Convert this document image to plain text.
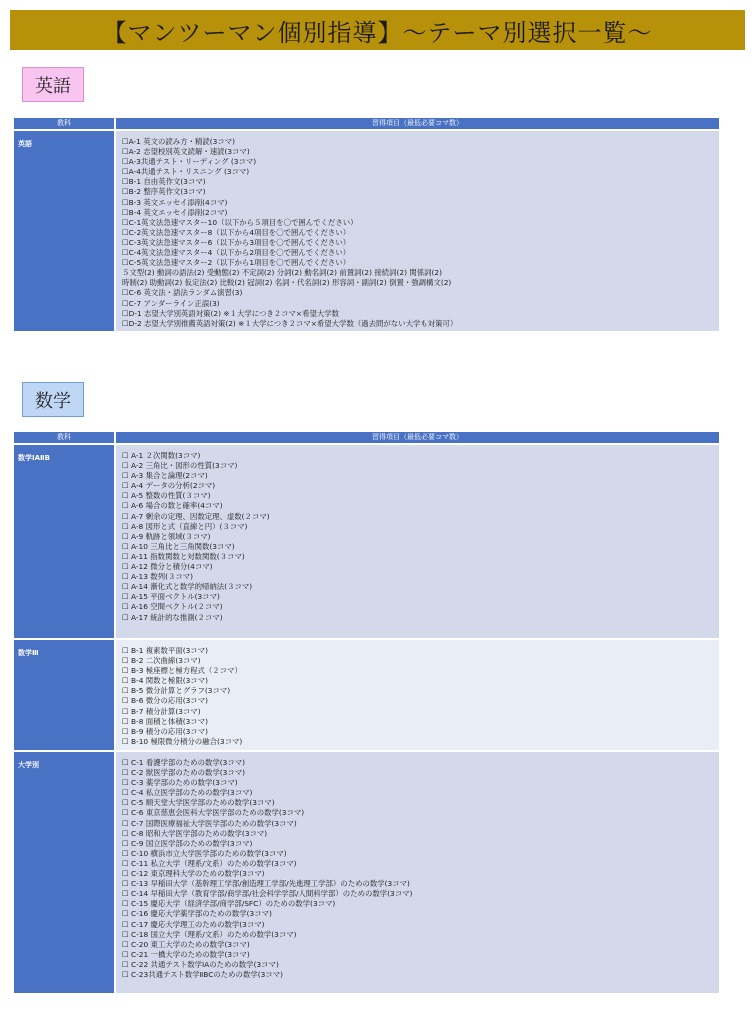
【マンツーマン個別指導】〜テーマ別選択一覧〜
英語
教科	習得項目（最低必要コマ数）
英語	☐A-1 英文の読み方・精読(3コマ)
☐A-2 志望校別英文読解・速読(3コマ)
☐A-3共通テスト・リーディング (3コマ)
☐A-4共通テスト・リスニング (3コマ)
☐B-1 自由英作文(3コマ)
☐B-2 整序英作文(3コマ)
☐B-3 英文エッセイ添削(4コマ)
☐B-4 英文エッセイ添削(2コマ)
☐C-1英文法急速マスター10（以下から５項目を〇で囲んでください）
☐C-2英文法急速マスター8（以下から4項目を〇で囲んでください）
☐C-3英文法急速マスター6（以下から3項目を〇で囲んでください）
☐C-4英文法急速マスター4（以下から2項目を〇で囲んでください）
☐C-5英文法急速マスター2（以下から1項目を〇で囲んでください）
５文型(2) 動詞の語法(2) 受動態(2) 不定詞(2) 分詞(2) 動名詞(2) 前置詞(2) 接続詞(2) 関係詞(2)
時制(2) 助動詞(2) 仮定法(2) 比較(2) 冠詞(2) 名詞・代名詞(2) 形容詞・副詞(2) 倒置・強調構文(2)
☐C-6 英文法・語法ランダム演習(3)
☐C-7 アンダーライン正誤(3)
☐D-1 志望大学別英語対策(2) ※１大学につき２コマ×希望大学数
☐D-2 志望大学別推薦英語対策(2) ※１大学につき２コマ×希望大学数（過去問がない大学も対策可）
数学
教科	習得項目（最低必要コマ数）
数学ⅠAⅡB	☐ A-1 ２次関数(3コマ)
☐ A-2 三角比・図形の性質(3コマ)
☐ A-3 集合と論理(2コマ)
☐ A-4 データの分析(2コマ)
☐ A-5 整数の性質(３コマ)
☐ A-6 場合の数と確率(4コマ)
☐ A-7 剰余の定理、因数定理、虚数(２コマ)
☐ A-8 図形と式（直線と円）(３コマ)
☐ A-9 軌跡と領域(３コマ)
☐ A-10 三角比と三角関数(3コマ)
☐ A-11 指数関数と対数関数(３コマ)
☐ A-12 微分と積分(4コマ)
☐ A-13 数列(３コマ)
☐ A-14 漸化式と数学的帰納法(３コマ)
☐ A-15 平面ベクトル(3コマ)
☐ A-16 空間ベクトル(２コマ)
☐ A-17 統計的な推測(２コマ)
数学Ⅲ	☐ B-1 複素数平面(3コマ)
☐ B-2 二次曲線(3コマ)
☐ B-3 極座標と極方程式（２コマ）
☐ B-4 関数と極限(3コマ)
☐ B-5 微分計算とグラフ(3コマ)
☐ B-6 微分の応用(3コマ)
☐ B-7 積分計算(3コマ)
☐ B-8 面積と体積(3コマ)
☐ B-9 積分の応用(3コマ)
☐ B-10 極限微分積分の融合(3コマ)
大学別	☐ C-1 看護学部のための数学(3コマ)
☐ C-2 獣医学部のための数学(3コマ)
☐ C-3 薬学部のための数学(3コマ)
☐ C-4 私立医学部のための数学(3コマ)
☐ C-5 順天堂大学医学部のための数学(3コマ)
☐ C-6 東京慈恵会医科大学医学部のための数学(3コマ)
☐ C-7 国際医療福祉大学医学部のための数学(3コマ)
☐ C-8 昭和大学医学部のための数学(3コマ)
☐ C-9 国立医学部のための数学(3コマ)
☐ C-10 横浜市立大学医学部のための数学(3コマ)
☐ C-11 私立大学（理系/文系）のための数学(3コマ)
☐ C-12 東京理科大学のための数学(3コマ)
☐ C-13 早稲田大学（基幹理工学部/創造理工学部/先進理工学部）のための数学(3コマ)
☐ C-14 早稲田大学（教育学部/商学部/社会科学学部/人間科学部）のための数学(3コマ)
☐ C-15 慶応大学（経済学部/商学部/SFC）のための数学(3コマ)
☐ C-16 慶応大学薬学部のための数学(3コマ)
☐ C-17 慶応大学理工のための数学(3コマ)
☐ C-18 国立大学（理系/文系）のための数学(3コマ)
☐ C-20 東工大学のための数学(3コマ)
☐ C-21 一橋大学のための数学(3コマ)
☐ C-22 共通テスト数学ⅠAのための数学(3コマ)
☐ C-23共通テスト数学ⅡBCのための数学(3コマ)
